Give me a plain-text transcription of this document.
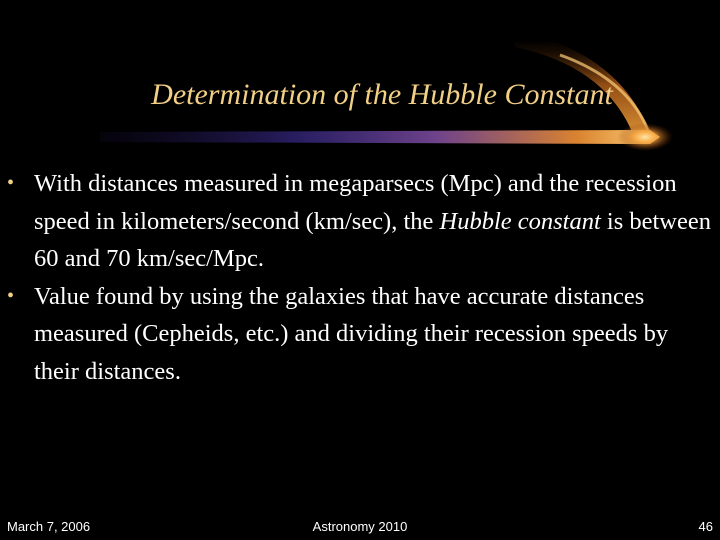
Determination of the Hubble Constant

• With distances measured in megaparsecs (Mpc) and the recession speed in kilometers/second (km/sec), the Hubble constant is between 60 and 70 km/sec/Mpc.

• Value found by using the galaxies that have accurate distances measured (Cepheids, etc.) and dividing their recession speeds by their distances.

March 7, 2006	Astronomy 2010	46
